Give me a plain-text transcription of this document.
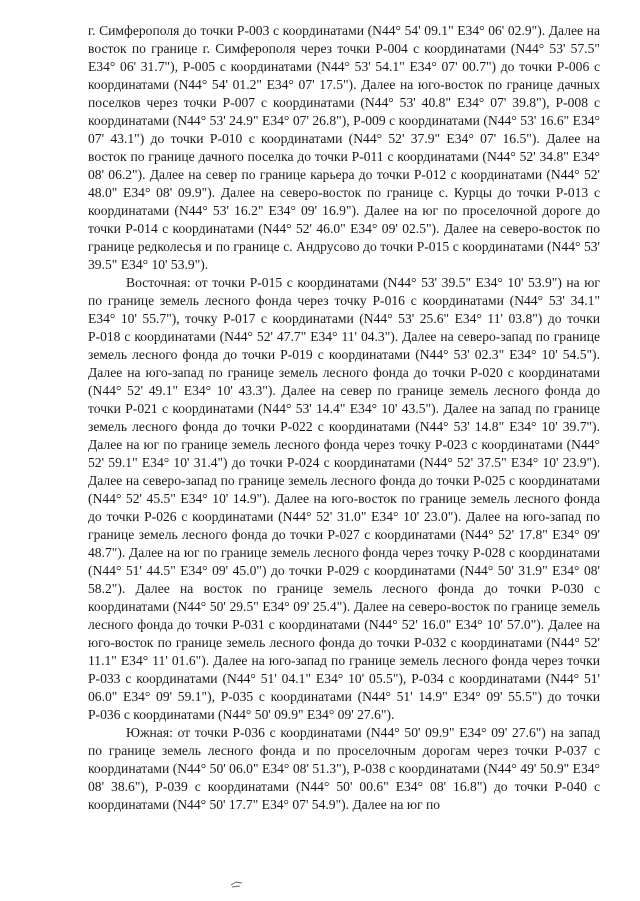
г. Симферополя до точки Р-003 с координатами (N44° 54' 09.1" E34° 06' 02.9"). Далее на восток по границе г. Симферополя через точки Р-004 с координатами (N44° 53' 57.5" E34° 06' 31.7"), Р-005 с координатами (N44° 53' 54.1" E34° 07' 00.7") до точки Р-006 с координатами (N44° 54' 01.2" E34° 07' 17.5"). Далее на юго-восток по границе дачных поселков через точки Р-007 с координатами (N44° 53' 40.8" E34° 07' 39.8"), Р-008 с координатами (N44° 53' 24.9" E34° 07' 26.8"), Р-009 с координатами (N44° 53' 16.6" E34° 07' 43.1") до точки Р-010 с координатами (N44° 52' 37.9" E34° 07' 16.5"). Далее на восток по границе дачного поселка до точки Р-011 с координатами (N44° 52' 34.8" E34° 08' 06.2"). Далее на север по границе карьера до точки Р-012 с координатами (N44° 52' 48.0" E34° 08' 09.9"). Далее на северо-восток по границе с. Курцы до точки Р-013 с координатами (N44° 53' 16.2" E34° 09' 16.9"). Далее на юг по проселочной дороге до точки Р-014 с координатами (N44° 52' 46.0" E34° 09' 02.5"). Далее на северо-восток по границе редколесья и по границе с. Андрусово до точки Р-015 с координатами (N44° 53' 39.5" E34° 10' 53.9").

Восточная: от точки Р-015 с координатами (N44° 53' 39.5" E34° 10' 53.9") на юг по границе земель лесного фонда через точку Р-016 с координатами (N44° 53' 34.1" E34° 10' 55.7"), точку Р-017 с координатами (N44° 53' 25.6" E34° 11' 03.8") до точки Р-018 с координатами (N44° 52' 47.7" E34° 11' 04.3"). Далее на северо-запад по границе земель лесного фонда до точки Р-019 с координатами (N44° 53' 02.3" E34° 10' 54.5"). Далее на юго-запад по границе земель лесного фонда до точки Р-020 с координатами (N44° 52' 49.1" E34° 10' 43.3"). Далее на север по границе земель лесного фонда до точки Р-021 с координатами (N44° 53' 14.4" E34° 10' 43.5"). Далее на запад по границе земель лесного фонда до точки Р-022 с координатами (N44° 53' 14.8" E34° 10' 39.7"). Далее на юг по границе земель лесного фонда через точку Р-023 с координатами (N44° 52' 59.1" E34° 10' 31.4") до точки Р-024 с координатами (N44° 52' 37.5" E34° 10' 23.9"). Далее на северо-запад по границе земель лесного фонда до точки Р-025 с координатами (N44° 52' 45.5" E34° 10' 14.9"). Далее на юго-восток по границе земель лесного фонда до точки Р-026 с координатами (N44° 52' 31.0" E34° 10' 23.0"). Далее на юго-запад по границе земель лесного фонда до точки Р-027 с координатами (N44° 52' 17.8" E34° 09' 48.7"). Далее на юг по границе земель лесного фонда через точку Р-028 с координатами (N44° 51' 44.5" E34° 09' 45.0") до точки Р-029 с координатами (N44° 50' 31.9" E34° 08' 58.2"). Далее на восток по границе земель лесного фонда до точки Р-030 с координатами (N44° 50' 29.5" E34° 09' 25.4"). Далее на северо-восток по границе земель лесного фонда до точки Р-031 с координатами (N44° 52' 16.0" E34° 10' 57.0"). Далее на юго-восток по границе земель лесного фонда до точки Р-032 с координатами (N44° 52' 11.1" E34° 11' 01.6"). Далее на юго-запад по границе земель лесного фонда через точки Р-033 с координатами (N44° 51' 04.1" E34° 10' 05.5"), Р-034 с координатами (N44° 51' 06.0" E34° 09' 59.1"), Р-035 с координатами (N44° 51' 14.9" E34° 09' 55.5") до точки Р-036 с координатами (N44° 50' 09.9" E34° 09' 27.6").

Южная: от точки Р-036 с координатами (N44° 50' 09.9" E34° 09' 27.6") на запад по границе земель лесного фонда и по проселочным дорогам через точки Р-037 с координатами (N44° 50' 06.0" E34° 08' 51.3"), Р-038 с координатами (N44° 49' 50.9" E34° 08' 38.6"), Р-039 с координатами (N44° 50' 00.6" E34° 08' 16.8") до точки Р-040 с координатами (N44° 50' 17.7" E34° 07' 54.9"). Далее на юг по
